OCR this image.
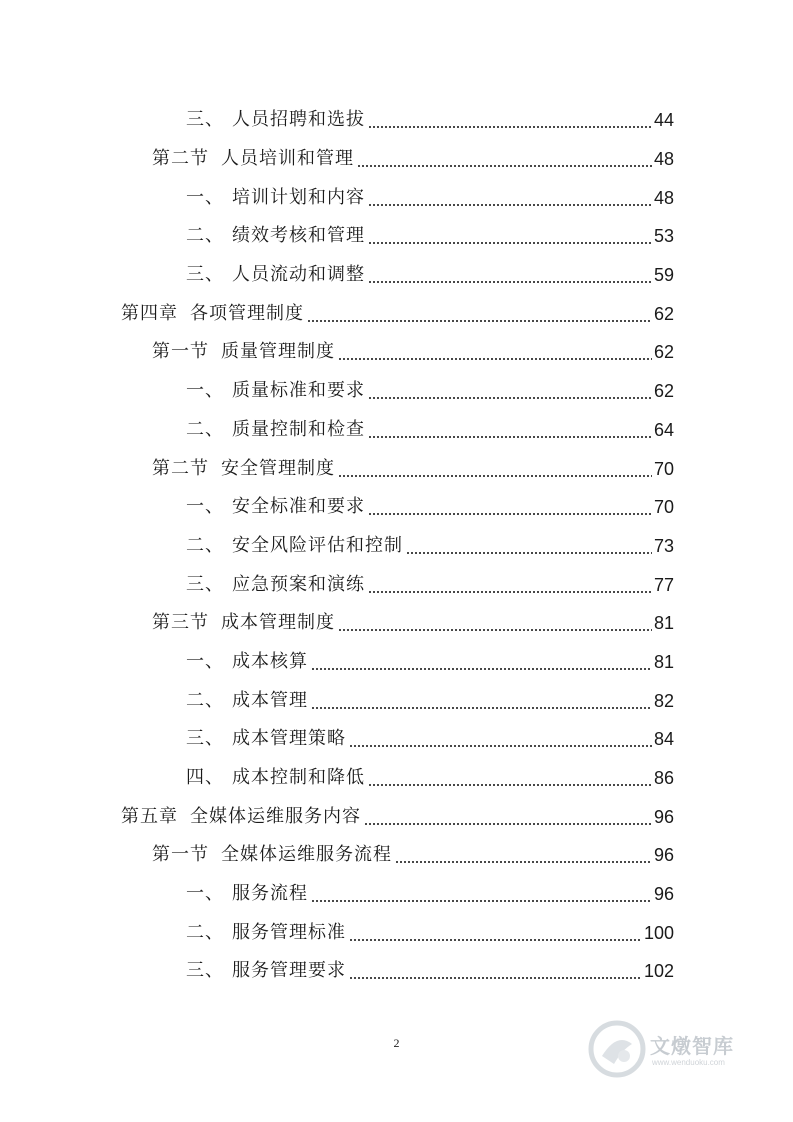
三、 人员招聘和选拔	44
第二节 人员培训和管理	48
一、 培训计划和内容	48
二、 绩效考核和管理	53
三、 人员流动和调整	59
第四章 各项管理制度	62
第一节 质量管理制度	62
一、 质量标准和要求	62
二、 质量控制和检查	64
第二节 安全管理制度	70
一、 安全标准和要求	70
二、 安全风险评估和控制	73
三、 应急预案和演练	77
第三节 成本管理制度	81
一、 成本核算	81
二、 成本管理	82
三、 成本管理策略	84
四、 成本控制和降低	86
第五章 全媒体运维服务内容	96
第一节 全媒体运维服务流程	96
一、 服务流程	96
二、 服务管理标准	100
三、 服务管理要求	102
2	文燉智库
www.wenduoku.com
